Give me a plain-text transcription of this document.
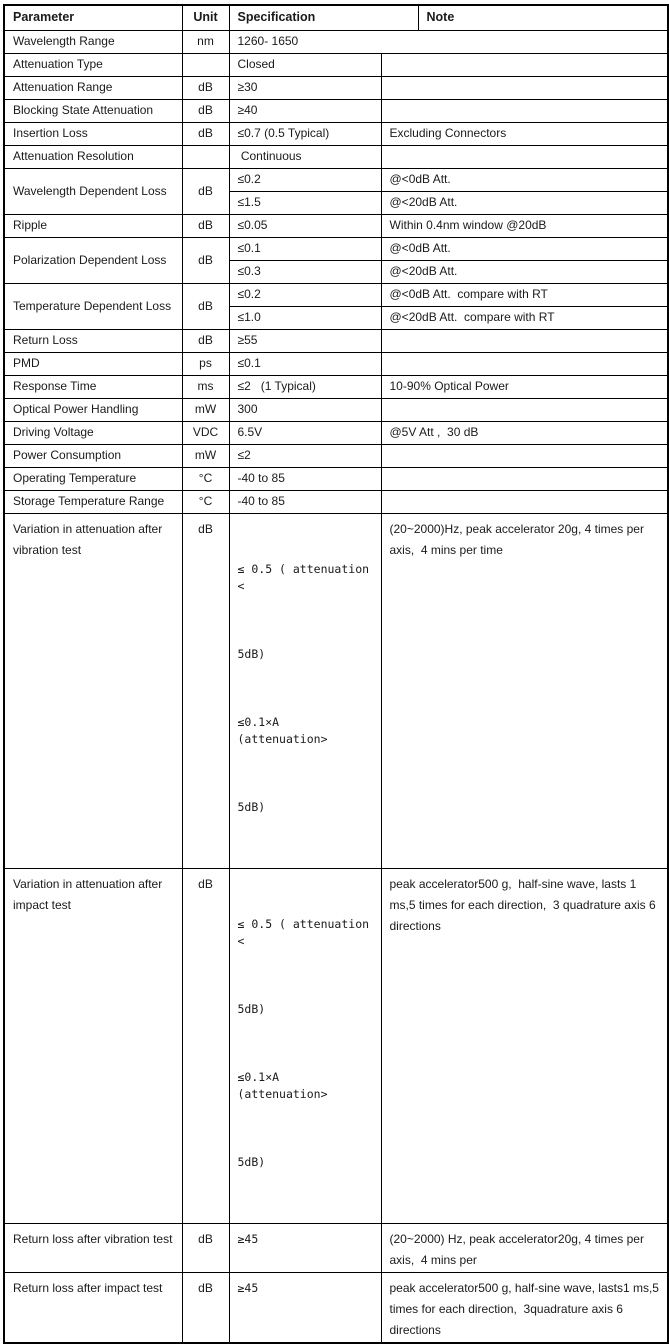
Parameter	Unit	Specification		Note
Wavelength Range	nm	1260- 1650		
Attenuation Type		Closed		
Attenuation Range	dB	≥30		
Blocking State Attenuation	dB	≥40		
Insertion Loss	dB	≤0.7 (0.5 Typical)	Excluding Connectors	
Attenuation Resolution		Continuous		
Wavelength Dependent Loss	dB	≤0.2	@<0dB Att.	
		≤1.5	@<20dB Att.	
Ripple	dB	≤0.05	Within 0.4nm window @20dB	
Polarization Dependent Loss	dB	≤0.1	@<0dB Att.	
		≤0.3	@<20dB Att.	
Temperature Dependent Loss	dB	≤0.2	@<0dB Att.  compare with RT	
		≤1.0	@<20dB Att.  compare with RT	
Return Loss	dB	≥55		
PMD	ps	≤0.1		
Response Time	ms	≤2   (1 Typical)	10-90% Optical Power	
Optical Power Handling	mW	300		
Driving Voltage	VDC	6.5V	@5V Att ,  30 dB	
Power Consumption	mW	≤2		
Operating Temperature	°C	-40 to 85		
Storage Temperature Range	°C	-40 to 85		
Variation in attenuation after vibration test	dB	≤ 0.5 ( attenuation <

5dB)

≤0.1×A (attenuation>

5dB)	(20~2000)Hz, peak accelerator 20g, 4 times per axis,  4 mins per time	
Variation in attenuation after impact test	dB	≤ 0.5 ( attenuation <

5dB)

≤0.1×A (attenuation>

5dB)	peak accelerator500 g,  half-sine wave, lasts 1 ms,5 times for each direction,  3 quadrature axis 6 directions	
Return loss after vibration test	dB	≥45	(20~2000) Hz, peak accelerator20g, 4 times per axis,  4 mins per	
Return loss after impact test	dB	≥45	peak accelerator500 g, half-sine wave, lasts1 ms,5 times for each direction,  3quadrature axis 6 directions	
